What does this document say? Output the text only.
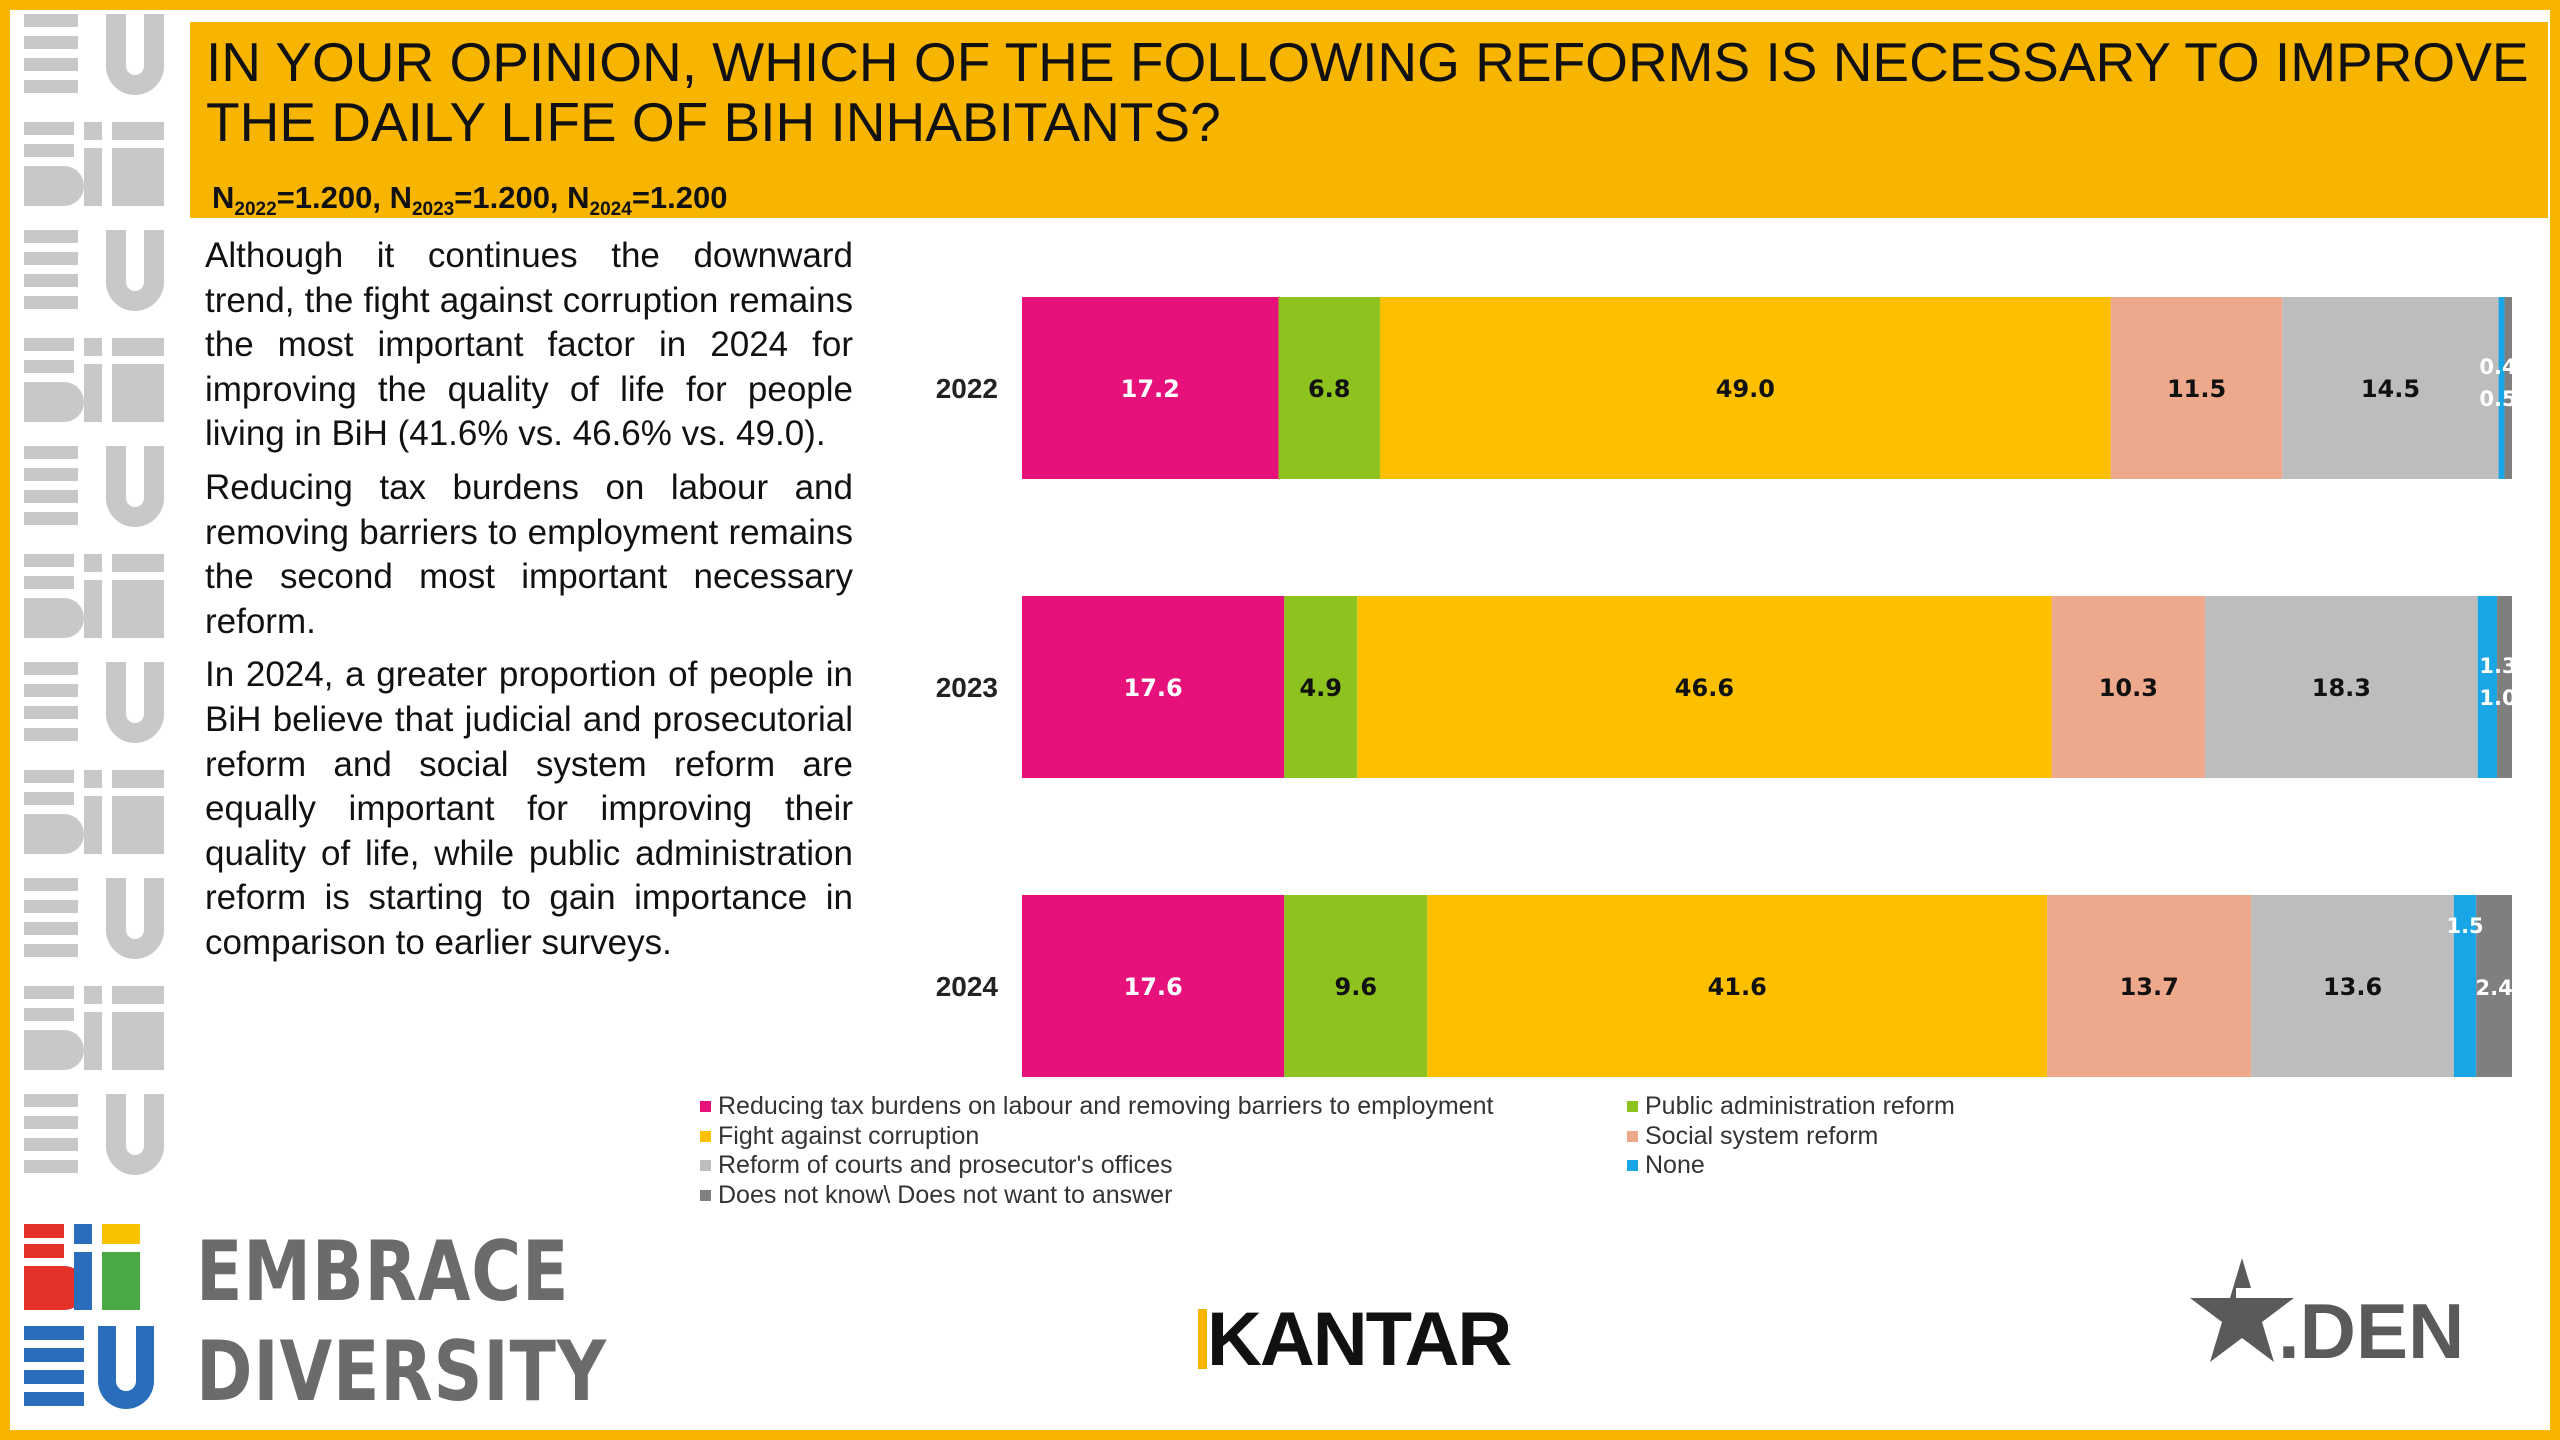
IN YOUR OPINION, WHICH OF THE FOLLOWING REFORMS IS NECESSARY TO IMPROVE THE DAILY LIFE OF BIH INHABITANTS?
$N_{2022}=1.200$, $N_{2023}=1.200$, $N_{2024}=1.200$

Although it continues the downward trend, the fight against corruption remains the most important factor in 2024 for improving the quality of life for people living in BiH (41.6% vs. 46.6% vs. 49.0).

Reducing tax burdens on labour and removing barriers to employment remains the second most important necessary reform.

In 2024, a greater proportion of people in BiH believe that judicial and prosecutorial reform and social system reform are equally important for improving their quality of life, while public administration reform is starting to gain importance in comparison to earlier surveys.

2022	17.2	6.8	49.0	11.5	14.5
0.4
0.5
2023	17.6	4.9	46.6	10.3	18.3
1.3
1.0
2024	17.6	9.6	41.6	13.7	13.6
1.5
2.4
Reducing tax burdens on labour and removing barriers to employment	Public administration reform
Fight against corruption	Social system reform
Reform of courts and prosecutor's offices	None
Does not know\ Does not want to answer
EMBRACE
DIVERSITY	KANTAR	.DEN
